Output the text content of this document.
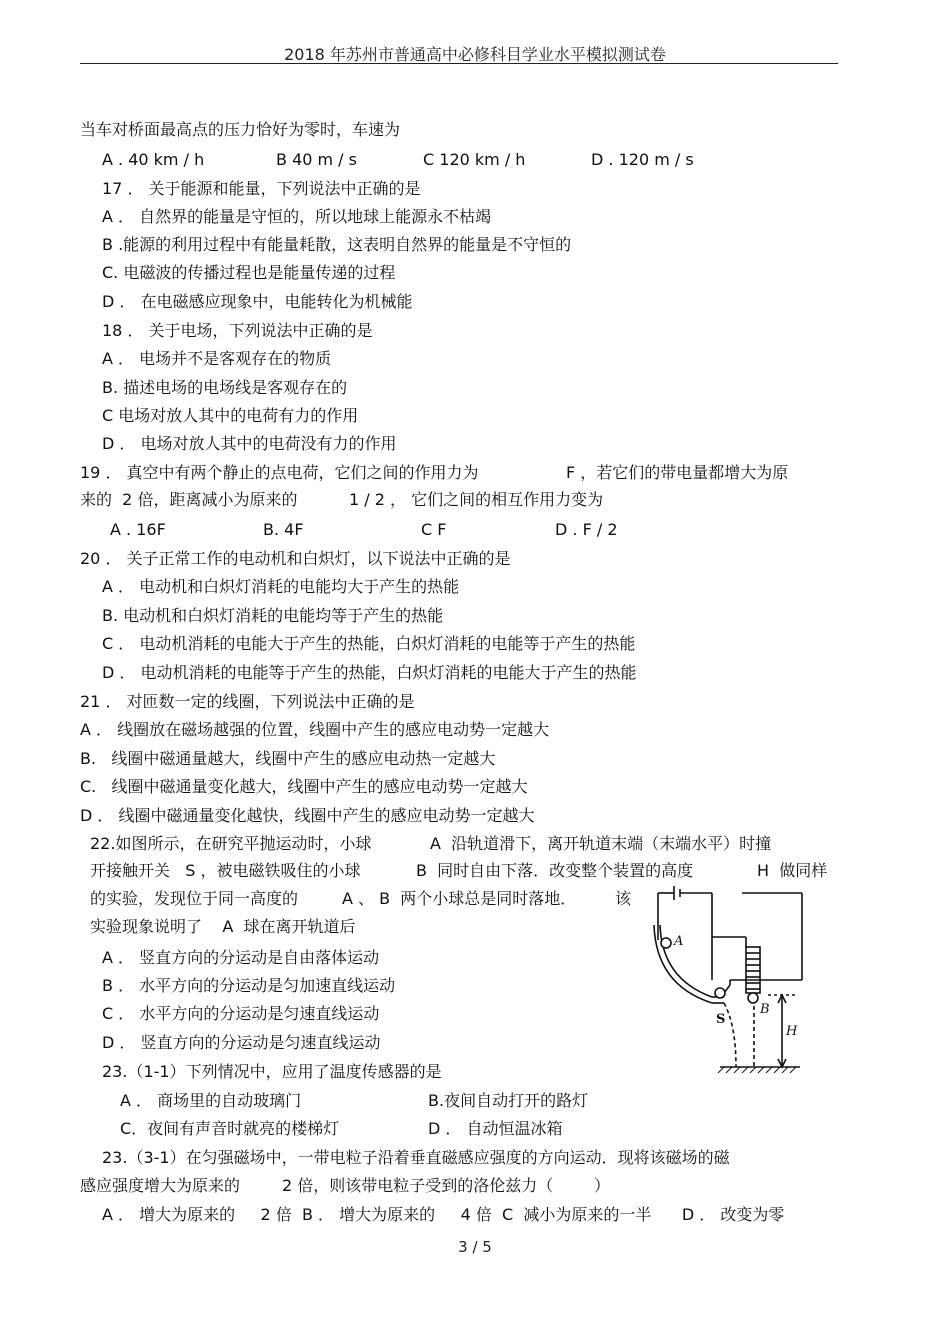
2018 年苏州市普通高中必修科目学业水平模拟测试卷
当车对桥面最高点的压力恰好为零时，车速为
A . 40 km / h	B 40 m / s	C 120 km / h	D . 120 m / s
17 ． 关于能源和能量，下列说法中正确的是
A ． 自然界的能量是守恒的，所以地球上能源永不枯竭
B .能源的利用过程中有能量耗散，这表明自然界的能量是不守恒的
C. 电磁波的传播过程也是能量传递的过程
D ． 在电磁感应现象中，电能转化为机械能
18 ． 关于电场，下列说法中正确的是
A ． 电场并不是客观存在的物质
B. 描述电场的电场线是客观存在的
C 电场对放人其中的电荷有力的作用
D ． 电场对放人其中的电荷没有力的作用
19 ． 真空中有两个静止的点电荷，它们之间的作用力为	F ，若它们的带电量都增大为原
来的  2 倍，距离减小为原来的	1 / 2 ， 它们之间的相互作用力变为
A . 16F	B. 4F	C F	D . F / 2
20 ． 关子正常工作的电动机和白炽灯，以下说法中正确的是
A ． 电动机和白炽灯消耗的电能均大于产生的热能
B. 电动机和白炽灯消耗的电能均等于产生的热能
C ． 电动机消耗的电能大于产生的热能，白炽灯消耗的电能等于产生的热能
D ． 电动机消耗的电能等于产生的热能，白炽灯消耗的电能大于产生的热能
21 ． 对匝数一定的线圈，下列说法中正确的是
A ． 线圈放在磁场越强的位置，线圈中产生的感应电动势一定越大
B.   线圈中磁通量越大，线圈中产生的感应电动热一定越大
C.   线圈中磁通量变化越大，线圈中产生的感应电动势一定越大
D ． 线圈中磁通量变化越快，线圈中产生的感应电动势一定越大
22.如图所示，在研究平抛运动时，小球	A  沿轨道滑下，离开轨道末端（末端水平）时撞
开接触开关   S ，被电磁铁吸住的小球	B  同时自由下落．改变整个装置的高度	H  做同样
的实验，发现位于同一高度的	A 、 B  两个小球总是同时落地． 该
实验现象说明了    A  球在离开轨道后
A ． 竖直方向的分运动是自由落体运动
B ． 水平方向的分运动是匀加速直线运动
C ． 水平方向的分运动是匀速直线运动
D ． 竖直方向的分运动是匀速直线运动
23.（1-1）下列情况中，应用了温度传感器的是
A ． 商场里的自动玻璃门	B.夜间自动打开的路灯
C．夜间有声音时就亮的楼梯灯	D ． 自动恒温冰箱
23.（3-1）在匀强磁场中，一带电粒子沿着垂直磁感应强度的方向运动．现将该磁场的磁
感应强度增大为原来的	2 倍，则该带电粒子受到的洛伦兹力（        ）
A ． 增大为原来的     2 倍  B ． 增大为原来的     4 倍  C  减小为原来的一半      D ． 改变为零
A
B
S
H
3 / 5
